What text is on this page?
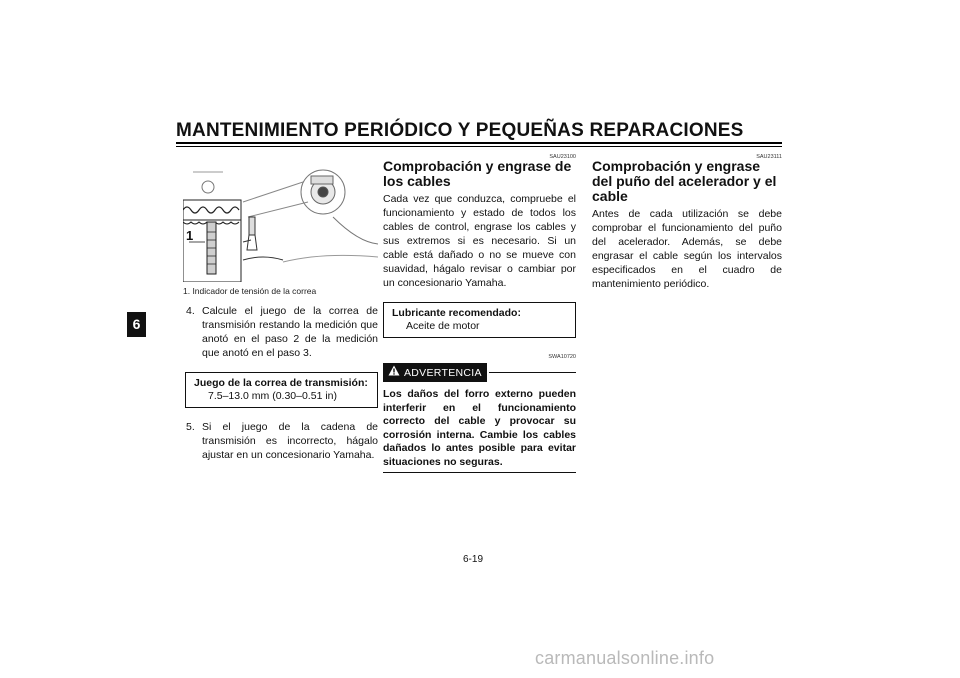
MANTENIMIENTO PERIÓDICO Y PEQUEÑAS REPARACIONES
6
1
1. Indicador de tensión de la correa
4. Calcule el juego de la correa de transmisión restando la medición que anotó en el paso 2 de la medición que anotó en el paso 3.
Juego de la correa de transmisión:
7.5–13.0 mm (0.30–0.51 in)
5. Si el juego de la cadena de transmisión es incorrecto, hágalo ajustar en un concesionario Yamaha.
SAU23100
Comprobación y engrase de los cables
Cada vez que conduzca, compruebe el funcionamiento y estado de todos los cables de control, engrase los cables y sus extremos si es necesario. Si un cable está dañado o no se mueve con suavidad, hágalo revisar o cambiar por un concesionario Yamaha.
Lubricante recomendado:
Aceite de motor
SWA10720
ADVERTENCIA
Los daños del forro externo pueden interferir en el funcionamiento correcto del cable y provocar su corrosión interna. Cambie los cables dañados lo antes posible para evitar situaciones no seguras.
SAU23111
Comprobación y engrase del puño del acelerador y el cable
Antes de cada utilización se debe comprobar el funcionamiento del puño del acelerador. Además, se debe engrasar el cable según los intervalos especificados en el cuadro de mantenimiento periódico.
6-19
carmanualsonline.info
